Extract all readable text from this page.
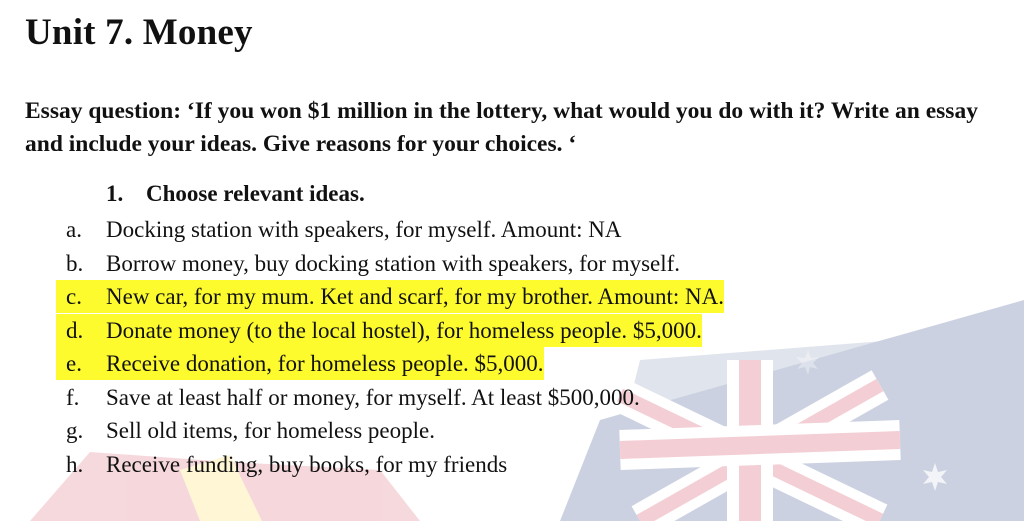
Unit 7. Money
Essay question: ‘If you won $1 million in the lottery, what would you do with it? Write an essay and include your ideas. Give reasons for your choices. ‘
1. Choose relevant ideas.
a. Docking station with speakers, for myself. Amount: NA
b. Borrow money, buy docking station with speakers, for myself.
c. New car, for my mum. Ket and scarf, for my brother. Amount: NA.
d. Donate money (to the local hostel), for homeless people. $5,000.
e. Receive donation, for homeless people. $5,000.
f. Save at least half or money, for myself. At least $500,000.
g. Sell old items, for homeless people.
h. Receive funding, buy books, for my friends
